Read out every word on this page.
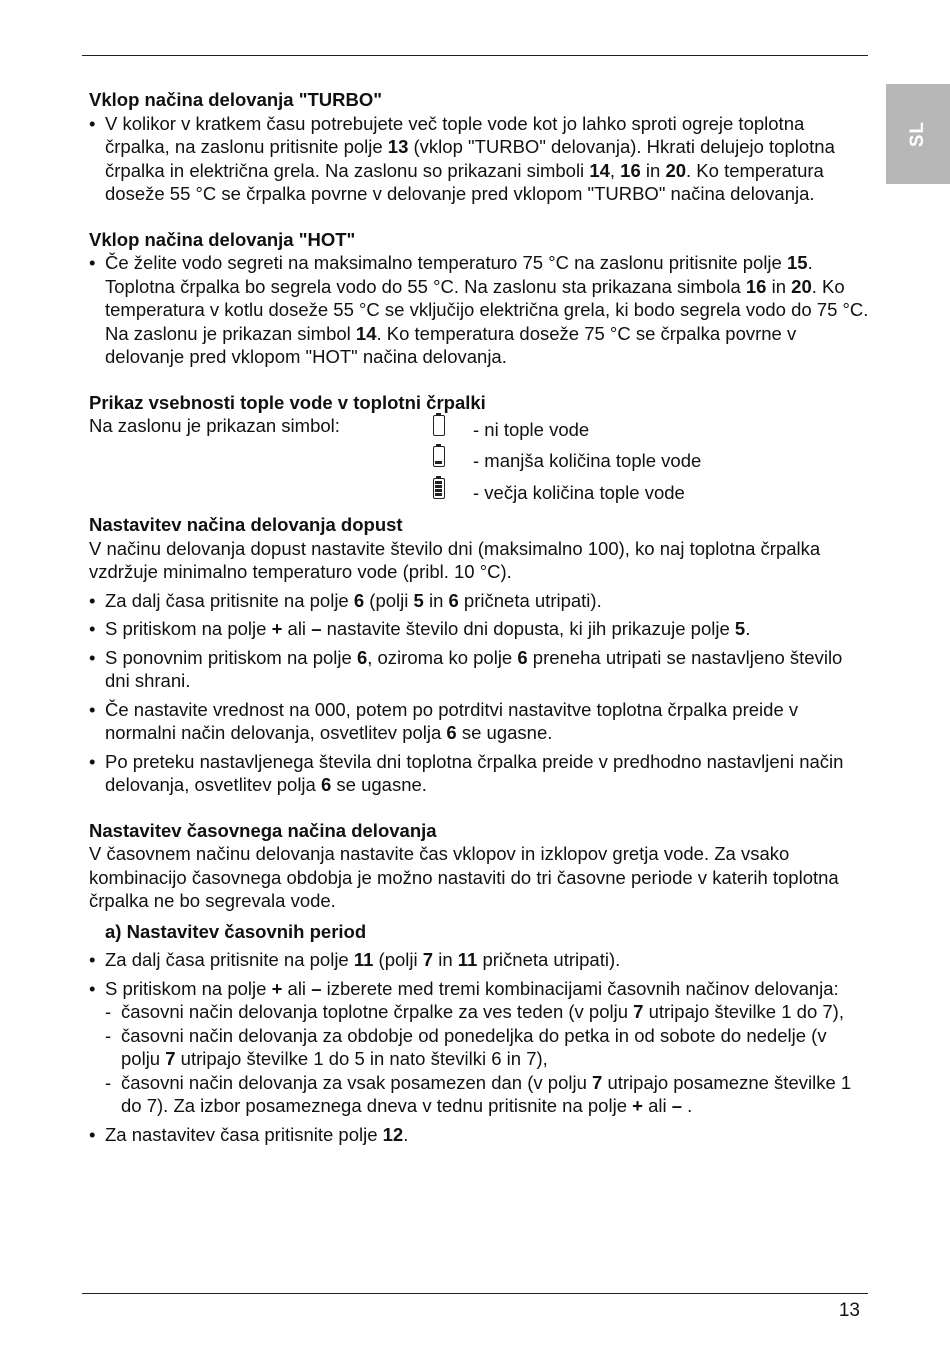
SL

Vklop načina delovanja "TURBO"

• V kolikor v kratkem času potrebujete več tople vode kot jo lahko sproti ogreje toplotna črpalka, na zaslonu pritisnite polje 13 (vklop "TURBO" delovanja). Hkrati delujejo toplotna črpalka in električna grela. Na zaslonu so prikazani simboli 14, 16 in 20. Ko temperatura doseže 55 °C se črpalka povrne v delovanje pred vklopom "TURBO" načina delovanja.

Vklop načina delovanja "HOT"

• Če želite vodo segreti na maksimalno temperaturo 75 °C na zaslonu pritisnite polje 15. Toplotna črpalka bo segrela vodo do 55 °C. Na zaslonu sta prikazana simbola 16 in 20. Ko temperatura v kotlu doseže 55 °C se vključijo električna grela, ki bodo segrela vodo do 75 °C. Na zaslonu je prikazan simbol 14. Ko temperatura doseže 75 °C se črpalka povrne v delovanje pred vklopom "HOT" načina delovanja.

Prikaz vsebnosti tople vode v toplotni črpalki

Na zaslonu je prikazan simbol:	- ni tople vode
- manjša količina tople vode
- večja količina tople vode

Nastavitev načina delovanja dopust

V načinu delovanja dopust nastavite število dni (maksimalno 100), ko naj toplotna črpalka vzdržuje minimalno temperaturo vode (pribl. 10 °C).

• Za dalj časa pritisnite na polje 6 (polji 5 in 6 pričneta utripati).

• S pritiskom na polje + ali – nastavite število dni dopusta, ki jih prikazuje polje 5.

• S ponovnim pritiskom na polje 6, oziroma ko polje 6 preneha utripati se nastavljeno število dni shrani.

• Če nastavite vrednost na 000, potem po potrditvi nastavitve toplotna črpalka preide v normalni način delovanja, osvetlitev polja 6 se ugasne.

• Po preteku nastavljenega števila dni toplotna črpalka preide v predhodno nastavljeni način delovanja, osvetlitev polja 6 se ugasne.

Nastavitev časovnega načina delovanja

V časovnem načinu delovanja nastavite čas vklopov in izklopov gretja vode. Za vsako kombinacijo časovnega obdobja je možno nastaviti do tri časovne periode v katerih toplotna črpalka ne bo segrevala vode.

a) Nastavitev časovnih period

• Za dalj časa pritisnite na polje 11 (polji 7 in 11 pričneta utripati).

• S pritiskom na polje + ali – izberete med tremi kombinacijami časovnih načinov delovanja:

- časovni način delovanja toplotne črpalke za ves teden (v polju 7 utripajo številke 1 do 7),

- časovni način delovanja za obdobje od ponedeljka do petka in od sobote do nedelje (v polju 7 utripajo številke 1 do 5 in nato številki 6 in 7),

- časovni način delovanja za vsak posamezen dan (v polju 7 utripajo posamezne številke 1 do 7). Za izbor posameznega dneva v tednu pritisnite na polje + ali – .

• Za nastavitev časa pritisnite polje 12.

13
